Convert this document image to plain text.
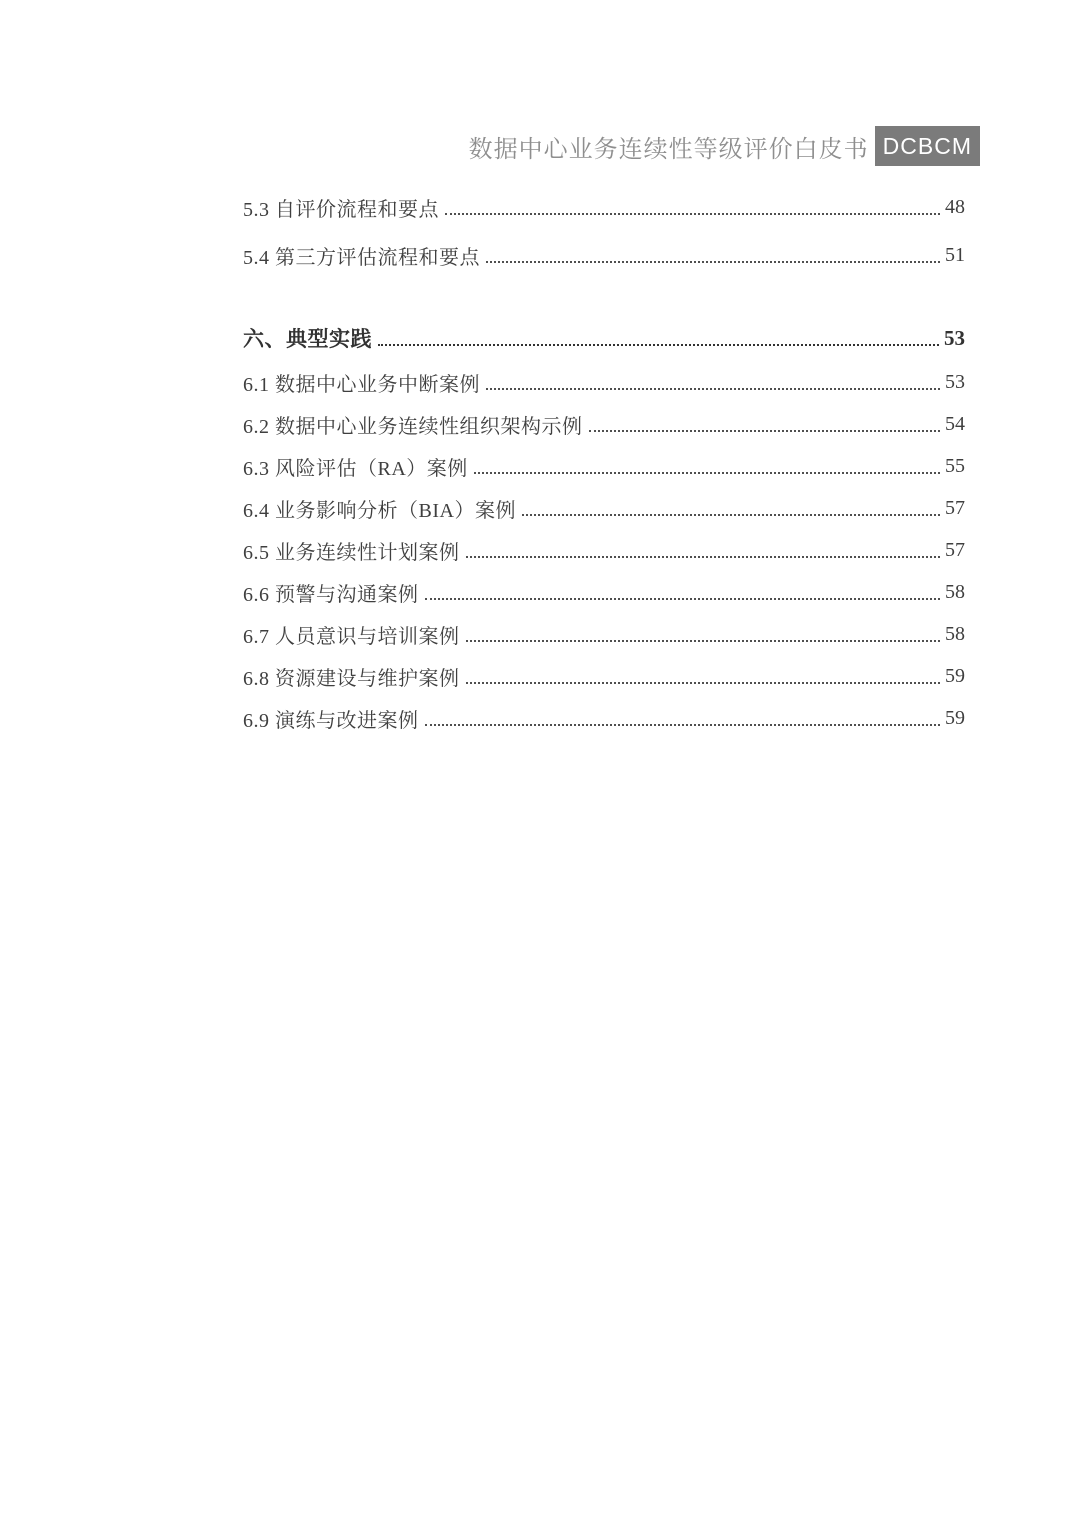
数据中心业务连续性等级评价白皮书 DCBCM
5.3 自评价流程和要点	48
5.4 第三方评估流程和要点	51
六、典型实践	53
6.1 数据中心业务中断案例	53
6.2 数据中心业务连续性组织架构示例	54
6.3 风险评估（RA）案例	55
6.4 业务影响分析（BIA）案例	57
6.5 业务连续性计划案例	57
6.6 预警与沟通案例	58
6.7 人员意识与培训案例	58
6.8 资源建设与维护案例	59
6.9 演练与改进案例	59
